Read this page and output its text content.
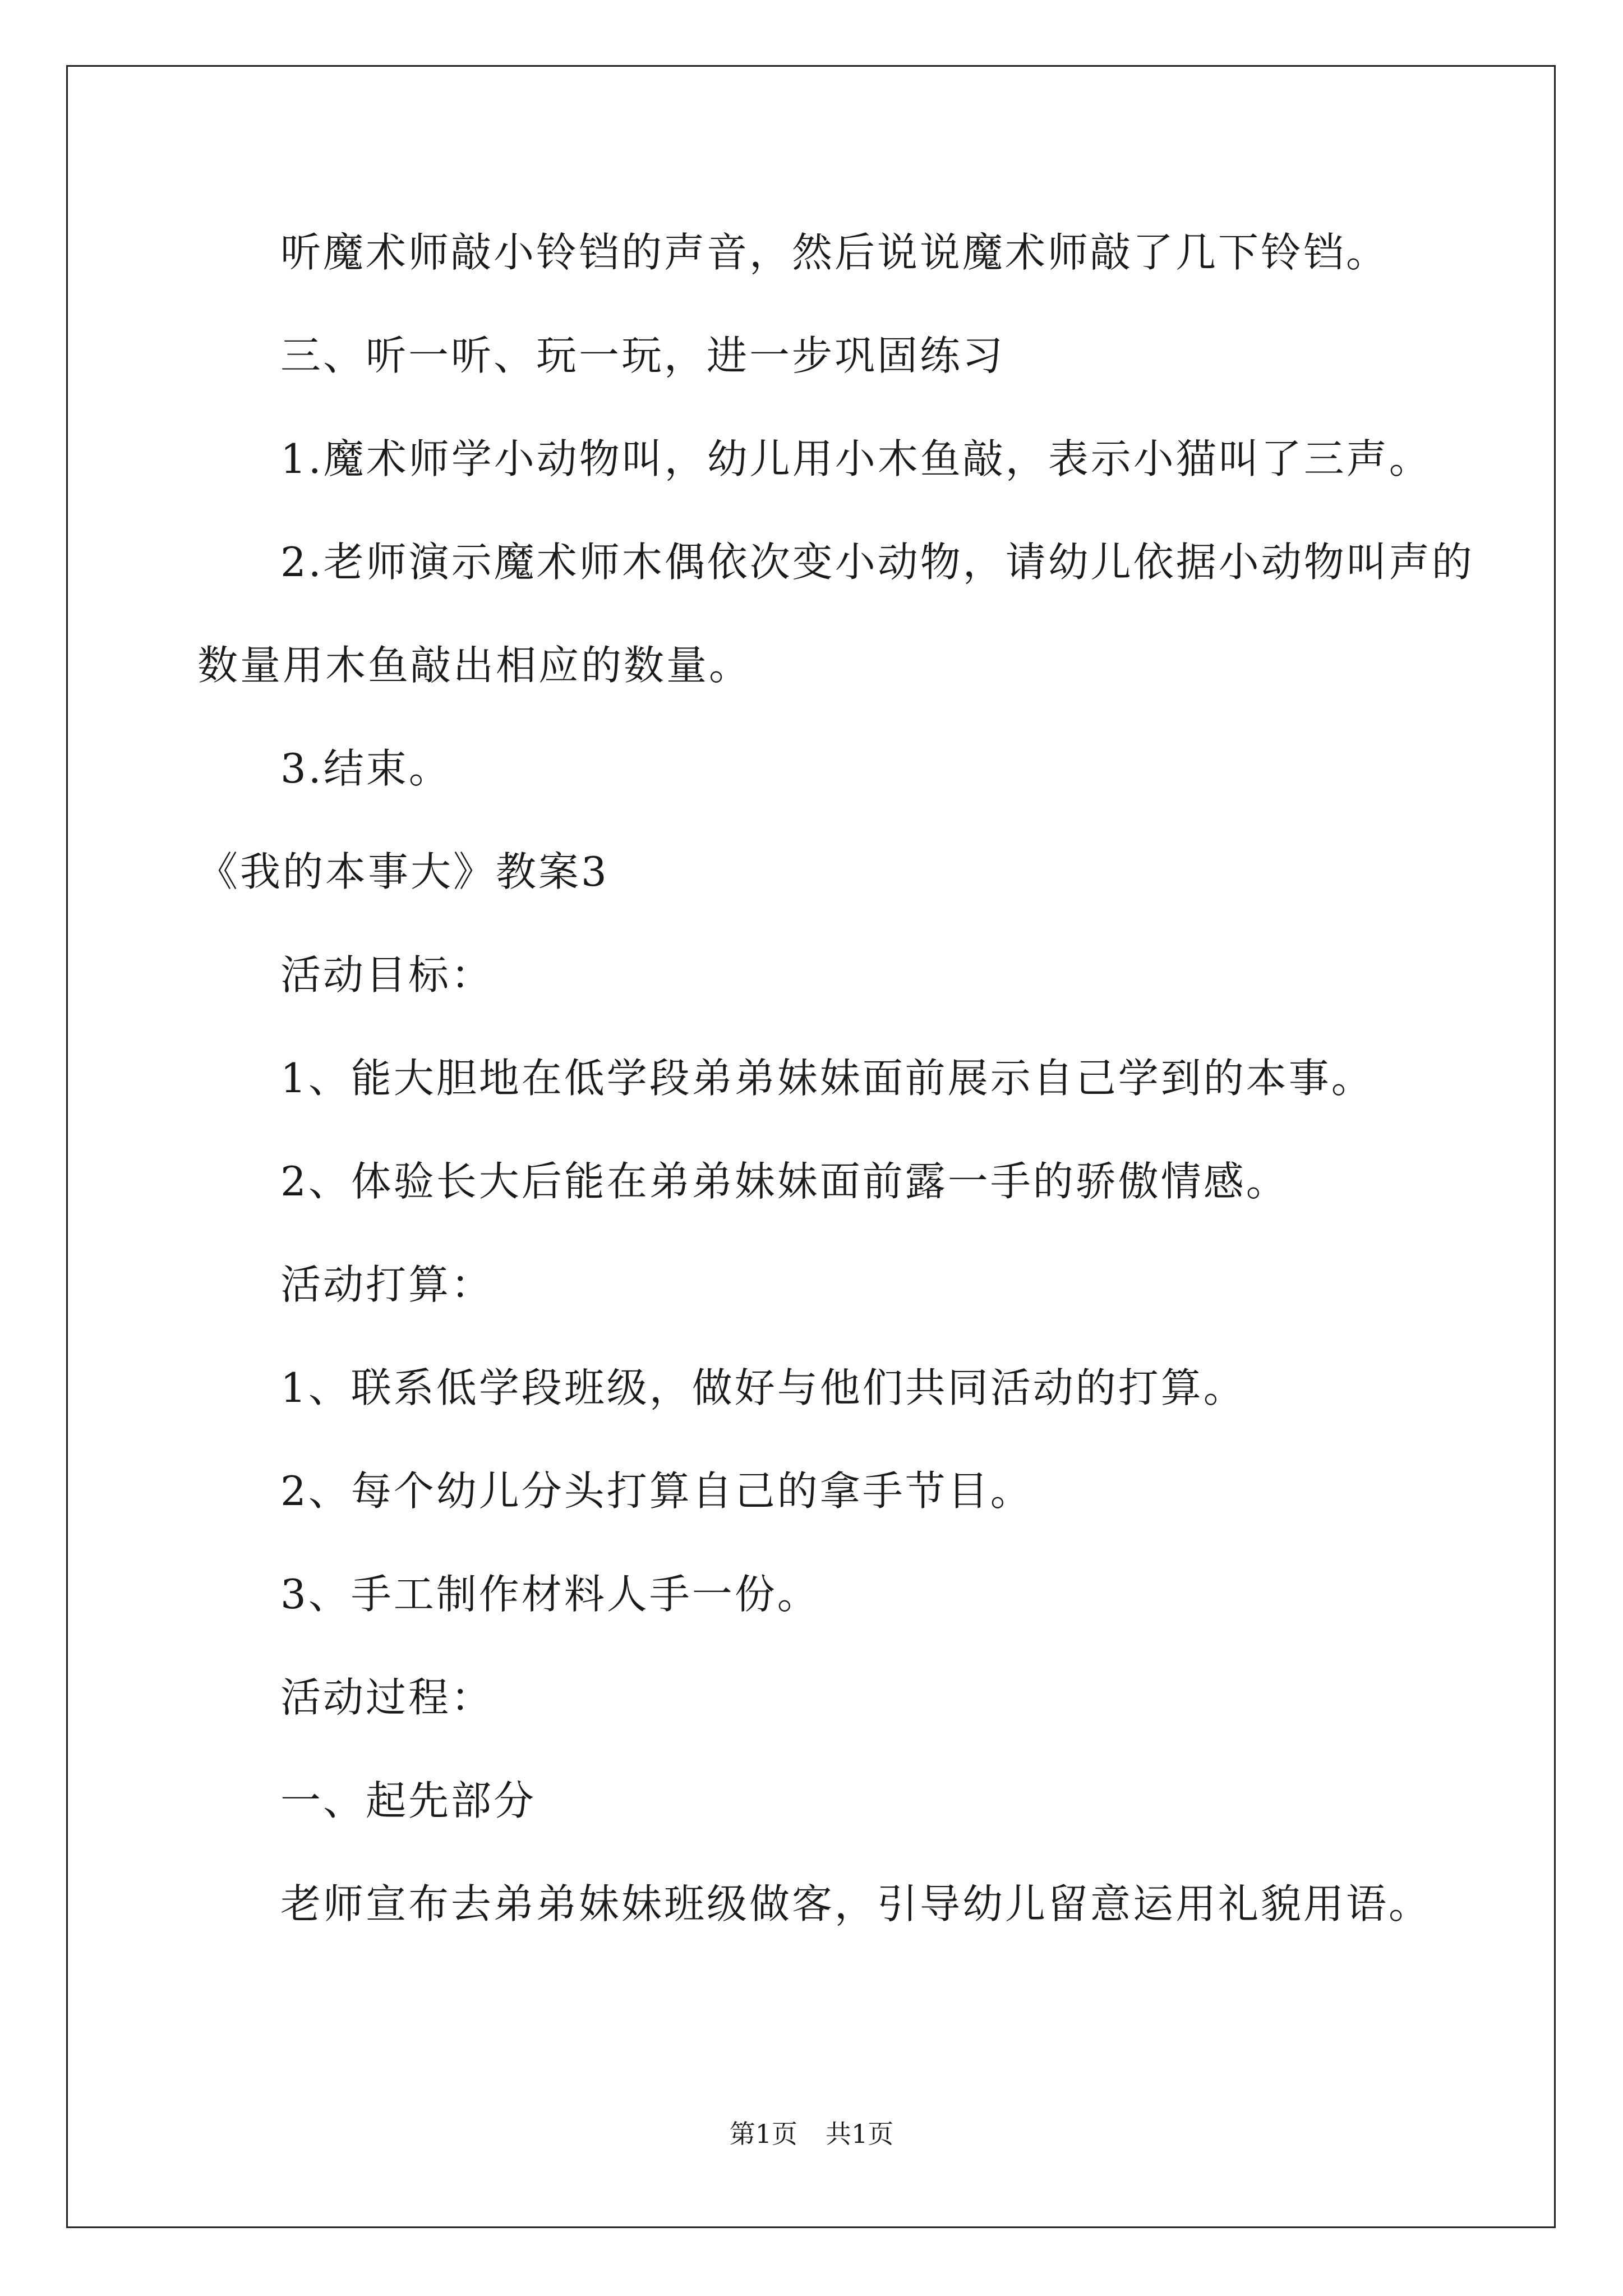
听魔术师敲小铃铛的声音，然后说说魔术师敲了几下铃铛。
三、听一听、玩一玩，进一步巩固练习
1.魔术师学小动物叫，幼儿用小木鱼敲，表示小猫叫了三声。
2.老师演示魔术师木偶依次变小动物，请幼儿依据小动物叫声的
数量用木鱼敲出相应的数量。
3.结束。
《我的本事大》教案3
活动目标：
1、能大胆地在低学段弟弟妹妹面前展示自己学到的本事。
2、体验长大后能在弟弟妹妹面前露一手的骄傲情感。
活动打算：
1、联系低学段班级，做好与他们共同活动的打算。
2、每个幼儿分头打算自己的拿手节目。
3、手工制作材料人手一份。
活动过程：
一、起先部分
老师宣布去弟弟妹妹班级做客，引导幼儿留意运用礼貌用语。
第1页 共1页
